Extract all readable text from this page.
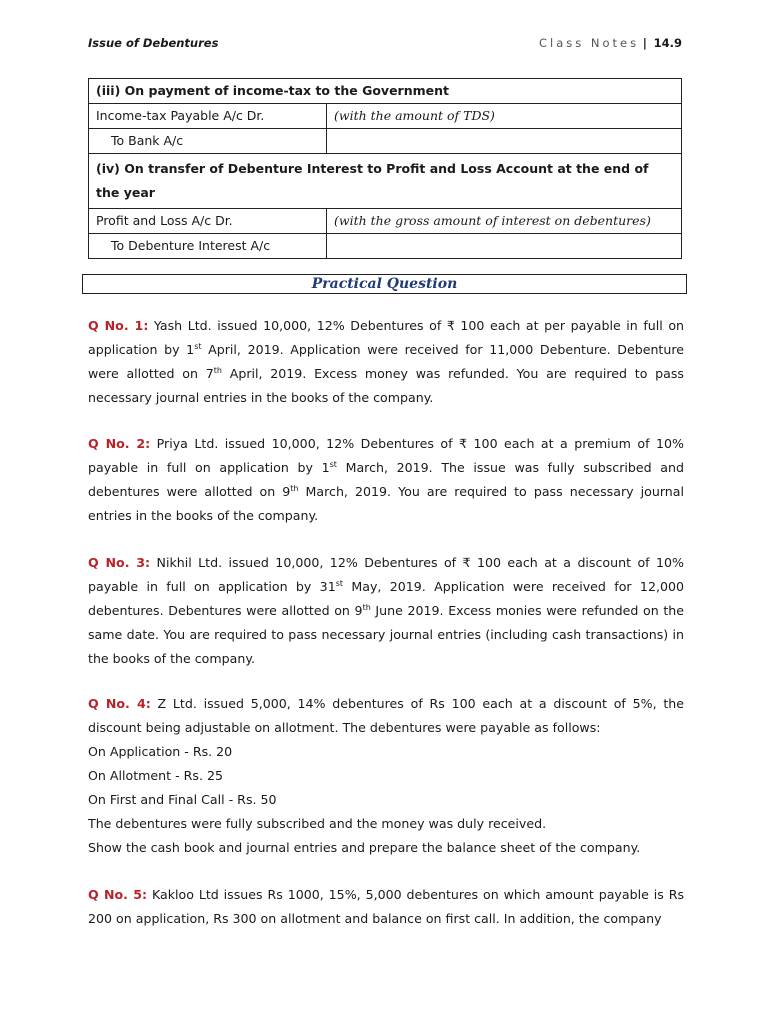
Issue of Debentures	Class Notes | 14.9
(iii) On payment of income-tax to the Government	
Income-tax Payable A/c Dr.	(with the amount of TDS)
To Bank A/c	
(iv) On transfer of Debenture Interest to Profit and Loss Account at the end of the year	
Profit and Loss A/c Dr.	(with the gross amount of interest on debentures)
To Debenture Interest A/c	
Practical Question
Q No. 1: Yash Ltd. issued 10,000, 12% Debentures of ₹ 100 each at per payable in full on application by 1st April, 2019. Application were received for 11,000 Debenture. Debenture were allotted on 7th April, 2019. Excess money was refunded. You are required to pass necessary journal entries in the books of the company.
Q No. 2: Priya Ltd. issued 10,000, 12% Debentures of ₹ 100 each at a premium of 10% payable in full on application by 1st March, 2019. The issue was fully subscribed and debentures were allotted on 9th March, 2019. You are required to pass necessary journal entries in the books of the company.
Q No. 3: Nikhil Ltd. issued 10,000, 12% Debentures of ₹ 100 each at a discount of 10% payable in full on application by 31st May, 2019. Application were received for 12,000 debentures. Debentures were allotted on 9th June 2019. Excess monies were refunded on the same date. You are required to pass necessary journal entries (including cash transactions) in the books of the company.
Q No. 4: Z Ltd. issued 5,000, 14% debentures of Rs 100 each at a discount of 5%, the discount being adjustable on allotment. The debentures were payable as follows:
On Application - Rs. 20
On Allotment - Rs. 25
On First and Final Call - Rs. 50
The debentures were fully subscribed and the money was duly received.
Show the cash book and journal entries and prepare the balance sheet of the company.
Q No. 5: Kakloo Ltd issues Rs 1000, 15%, 5,000 debentures on which amount payable is Rs 200 on application, Rs 300 on allotment and balance on first call. In addition, the company
